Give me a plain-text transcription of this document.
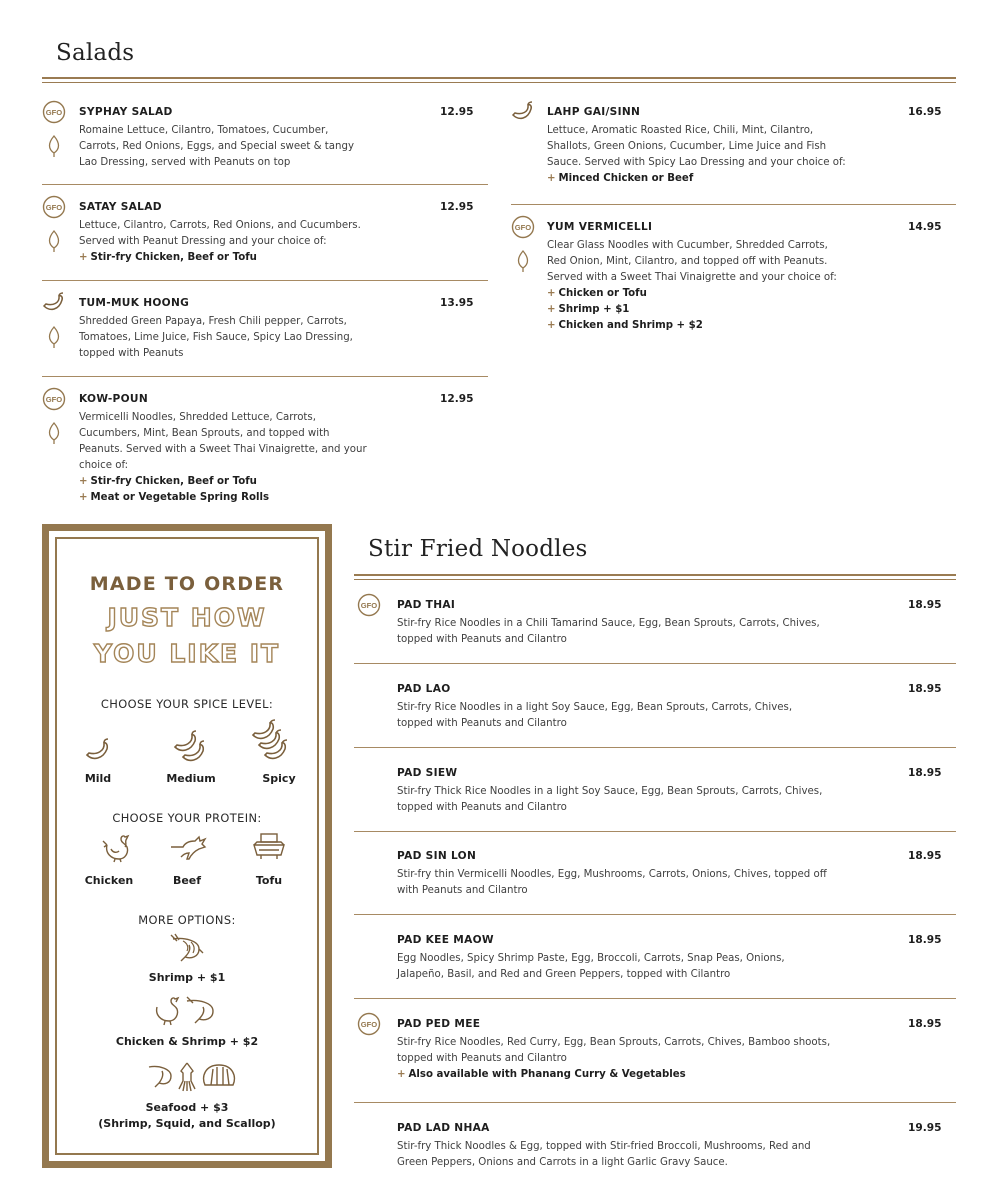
Salads
SYPHAY SALAD	12.95
Romaine Lettuce, Cilantro, Tomatoes, Cucumber,
Carrots, Red Onions, Eggs, and Special sweet & tangy
Lao Dressing, served with Peanuts on top
GFO
SATAY SALAD	12.95
Lettuce, Cilantro, Carrots, Red Onions, and Cucumbers.
Served with Peanut Dressing and your choice of:
+ Stir-fry Chicken, Beef or Tofu
GFO
TUM-MUK HOONG	13.95
Shredded Green Papaya, Fresh Chili pepper, Carrots,
Tomatoes, Lime Juice, Fish Sauce, Spicy Lao Dressing,
topped with Peanuts
KOW-POUN	12.95
Vermicelli Noodles, Shredded Lettuce, Carrots,
Cucumbers, Mint, Bean Sprouts, and topped with
Peanuts. Served with a Sweet Thai Vinaigrette, and your
choice of:
+ Stir-fry Chicken, Beef or Tofu
+ Meat or Vegetable Spring Rolls
GFO
LAHP GAI/SINN	16.95
Lettuce, Aromatic Roasted Rice, Chili, Mint, Cilantro,
Shallots, Green Onions, Cucumber, Lime Juice and Fish
Sauce. Served with Spicy Lao Dressing and your choice of:
+ Minced Chicken or Beef
YUM VERMICELLI	14.95
Clear Glass Noodles with Cucumber, Shredded Carrots,
Red Onion, Mint, Cilantro, and topped off with Peanuts.
Served with a Sweet Thai Vinaigrette and your choice of:
+ Chicken or Tofu
+ Shrimp + $1
+ Chicken and Shrimp + $2
GFO
MADE TO ORDER
JUST HOW
YOU LIKE IT
CHOOSE YOUR SPICE LEVEL:
Mild	Medium	Spicy
CHOOSE YOUR PROTEIN:
Chicken	Beef	Tofu
MORE OPTIONS:
Shrimp + $1
Chicken & Shrimp + $2
Seafood + $3
(Shrimp, Squid, and Scallop)
Stir Fried Noodles
PAD THAI	18.95
Stir-fry Rice Noodles in a Chili Tamarind Sauce, Egg, Bean Sprouts, Carrots, Chives,
topped with Peanuts and Cilantro
GFO
PAD LAO	18.95
Stir-fry Rice Noodles in a light Soy Sauce, Egg, Bean Sprouts, Carrots, Chives,
topped with Peanuts and Cilantro
PAD SIEW	18.95
Stir-fry Thick Rice Noodles in a light Soy Sauce, Egg, Bean Sprouts, Carrots, Chives,
topped with Peanuts and Cilantro
PAD SIN LON	18.95
Stir-fry thin Vermicelli Noodles, Egg, Mushrooms, Carrots, Onions, Chives, topped off
with Peanuts and Cilantro
PAD KEE MAOW	18.95
Egg Noodles, Spicy Shrimp Paste, Egg, Broccoli, Carrots, Snap Peas, Onions,
Jalapeño, Basil, and Red and Green Peppers, topped with Cilantro
PAD PED MEE	18.95
Stir-fry Rice Noodles, Red Curry, Egg, Bean Sprouts, Carrots, Chives, Bamboo shoots,
topped with Peanuts and Cilantro
+ Also available with Phanang Curry & Vegetables
GFO
PAD LAD NHAA	19.95
Stir-fry Thick Noodles & Egg, topped with Stir-fried Broccoli, Mushrooms, Red and
Green Peppers, Onions and Carrots in a light Garlic Gravy Sauce.
